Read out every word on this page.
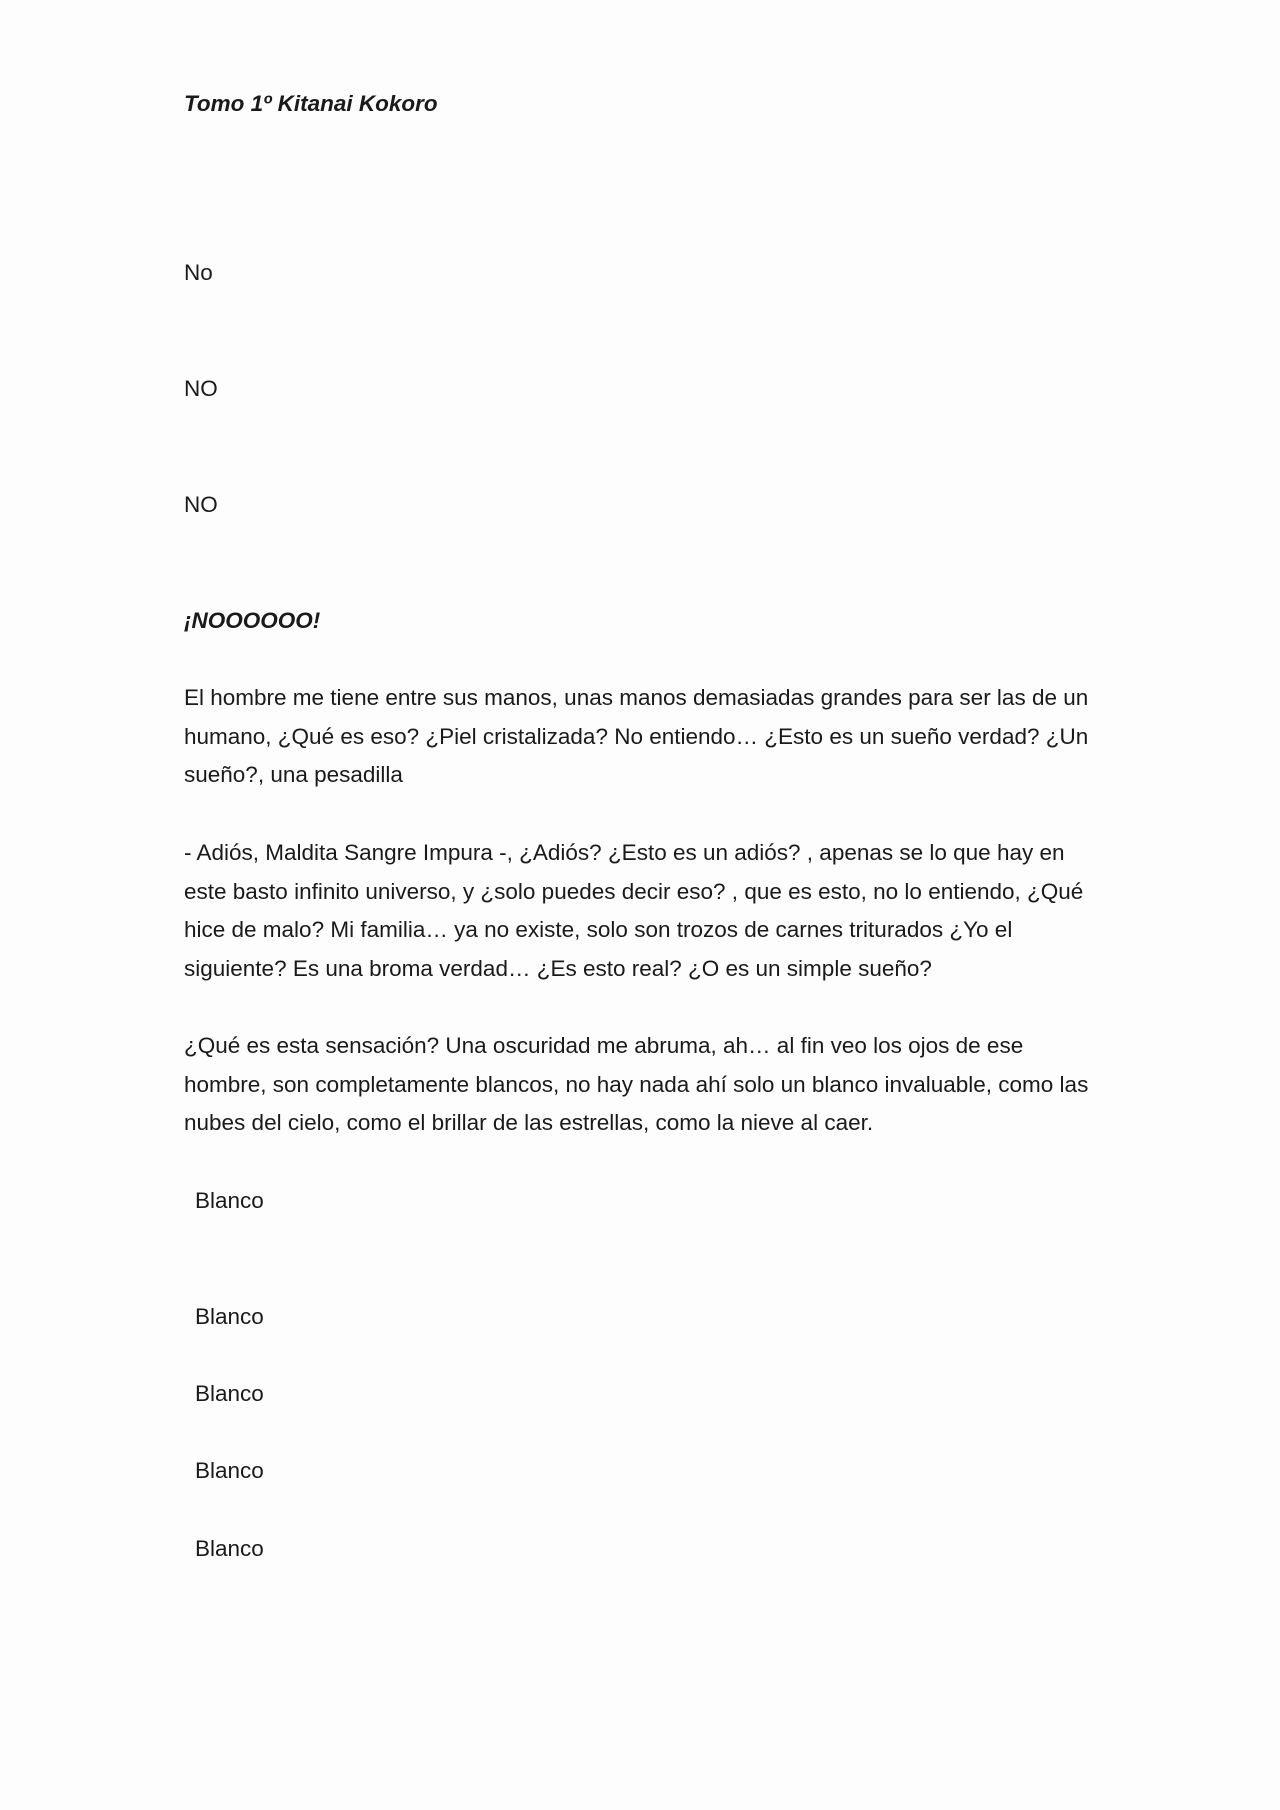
Tomo 1º Kitanai Kokoro

No

NO

NO

¡NOOOOOO!

El hombre me tiene entre sus manos, unas manos demasiadas grandes para ser las de un humano, ¿Qué es eso? ¿Piel cristalizada? No entiendo… ¿Esto es un sueño verdad? ¿Un sueño?, una pesadilla

- Adiós, Maldita Sangre Impura -, ¿Adiós? ¿Esto es un adiós? , apenas se lo que hay en este basto infinito universo, y ¿solo puedes decir eso? , que es esto, no lo entiendo, ¿Qué hice de malo? Mi familia… ya no existe, solo son trozos de carnes triturados ¿Yo el siguiente? Es una broma verdad… ¿Es esto real? ¿O es un simple sueño?

¿Qué es esta sensación? Una oscuridad me abruma, ah… al fin veo los ojos de ese hombre, son completamente blancos, no hay nada ahí solo un blanco invaluable, como las nubes del cielo, como el brillar de las estrellas, como la nieve al caer.

Blanco

Blanco

Blanco

Blanco

Blanco
